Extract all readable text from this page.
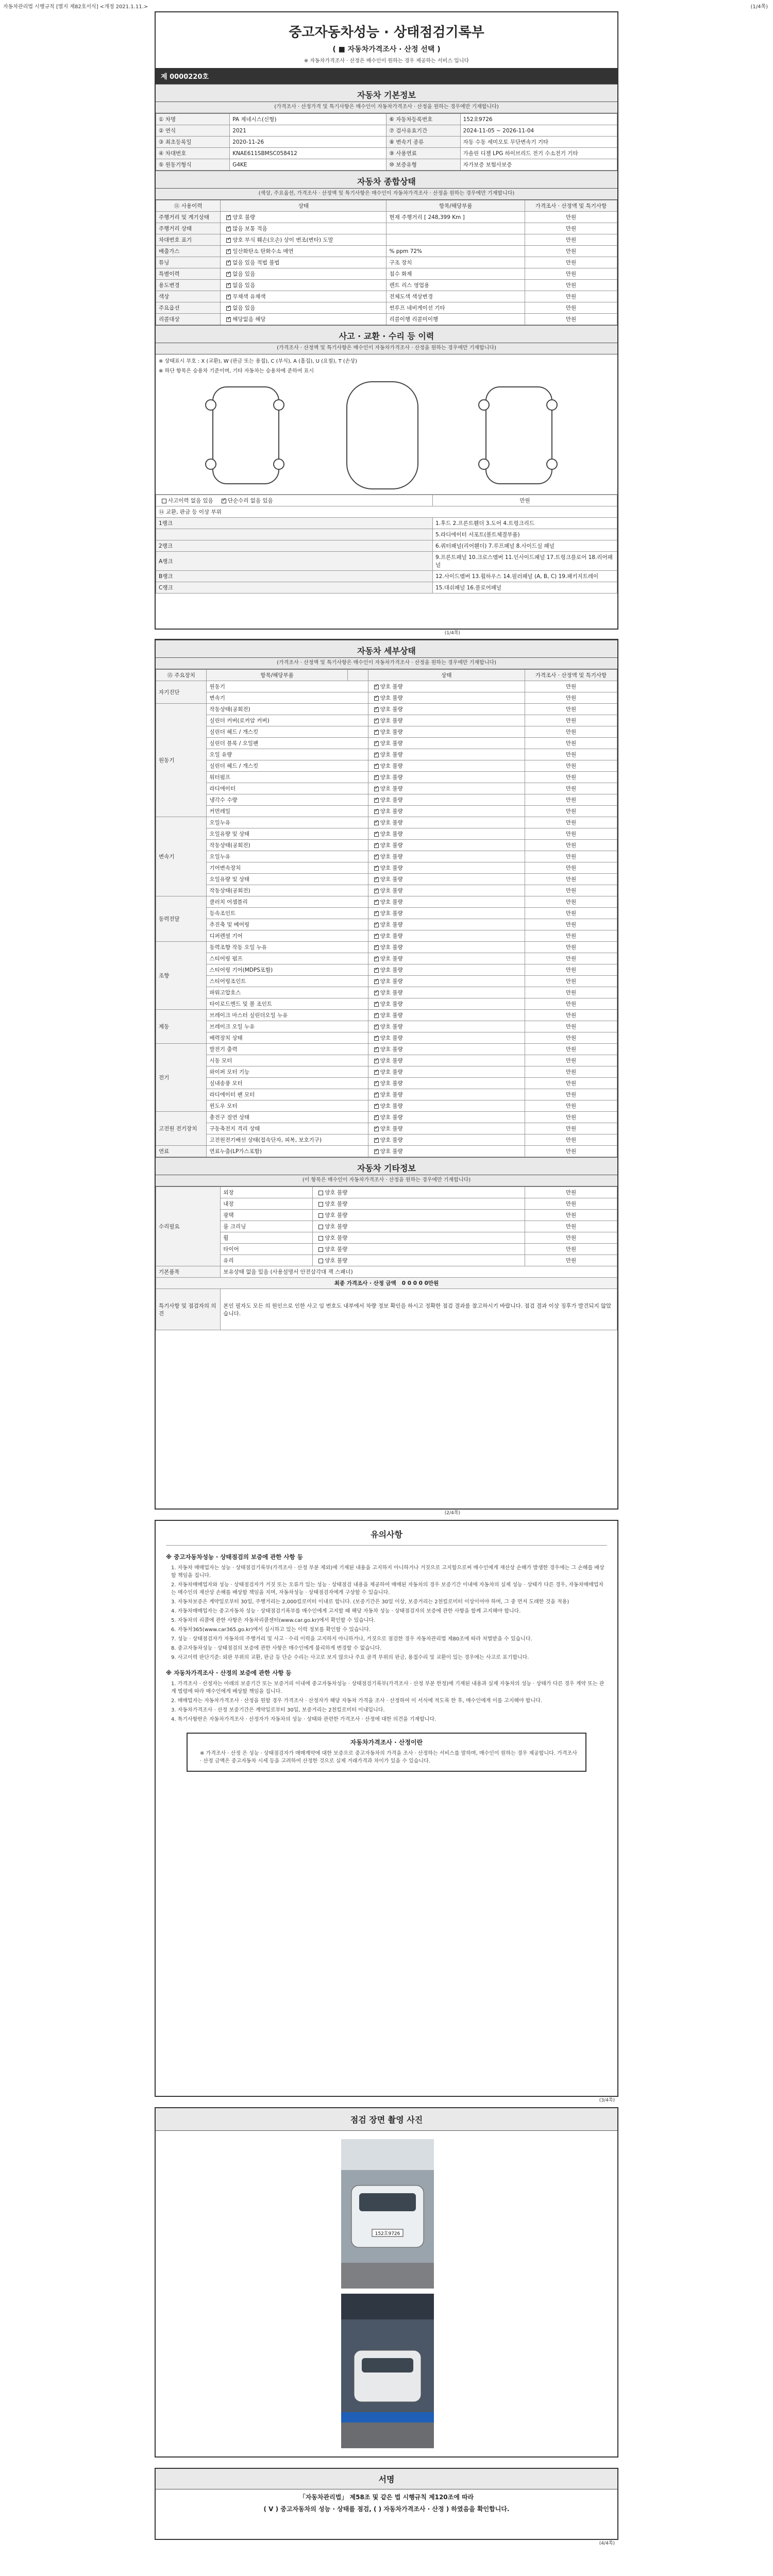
자동차관리법 시행규칙 [별지 제82호서식] <개정 2021.1.11.>	(1/4쪽)
중고자동차성능 · 상태점검기록부
( ■ 자동차가격조사 · 산정 선택 )
※ 자동차가격조사 · 산정은 매수인이 원하는 경우 제공하는 서비스 입니다
제 0000220호
자동차 기본정보
(가격조사 · 산정가격 및 특기사항은 매수인이 자동차가격조사 · 산정을 원하는 경우에만 기재합니다)
① 차명	PA 제네시스(신형)	⑥ 자동차등록번호	152호9726
② 연식	2021	⑦ 검사유효기간	2024-11-05 ~ 2026-11-04
③ 최초등록일	2020-11-26	⑧ 변속기 종류	자동 수동 세미오토 무단변속기 기타
④ 차대번호	KNAE611SBMSC058412	⑨ 사용연료	가솔린 디젤 LPG 하이브리드 전기 수소전기 기타
⑤ 원동기형식	G4KE	⑩ 보증유형	자가보증 보험사보증
자동차 종합상태
(색상, 주요옵션, 가격조사 · 산정액 및 특기사항은 매수인이 자동차가격조사 · 산정을 원하는 경우에만 기재합니다)
⑪ 사용이력	상태	항목/해당부품	가격조사 · 산정액 및 특기사항
주행거리 및 계기상태	✓양호 불량	현재 주행거리 [ 248,399 Km ]	만원
주행거리 상태	✓많음 보통 적음		만원
차대번호 표기	✓양호 부식 훼손(오손) 상이 변조(변타) 도말		만원
배출가스	✓일산화탄소 탄화수소 매연	% ppm 72%	만원
튜닝	✓없음 있음 적법 불법	구조 장치	만원
특별이력	✓없음 있음	침수 화재	만원
용도변경	✓없음 있음	렌트 리스 영업용	만원
색상	✓무채색 유채색	전체도색 색상변경	만원
주요옵션	✓없음 있음	썬루프 네비게이션 기타	만원
리콜대상	✓해당없음 해당	리콜이행 리콜미이행	만원
사고 · 교환 · 수리 등 이력
(가격조사 · 산정액 및 특기사항은 매수인이 자동차가격조사 · 산정을 원하는 경우에만 기재합니다)
※ 상태표시 부호 : X (교환), W (판금 또는 용접), C (부식), A (흠집), U (요철), T (손상)
※ 하단 항목은 승용차 기준이며, 기타 자동차는 승용차에 준하여 표시
사고이력 없음 있음 ✓ 단순수리 없음 있음	만원
⑭ 교환, 판금 등 이상 부위	
1랭크	1.후드 2.프론트휀더 3.도어 4.트렁크리드
	5.라디에이터 서포트(볼트체결부품)
2랭크	6.쿼터패널(리어휀더) 7.루프패널 8.사이드실 패널
A랭크	9.프론트패널 10.크로스멤버 11.인사이드패널 17.트렁크플로어 18.리어패널
B랭크	12.사이드멤버 13.휠하우스 14.필러패널 (A, B, C) 19.패키지트레이
C랭크	15.대쉬패널 16.플로어패널
(1/4쪽)
자동차 세부상태
(가격조사 · 산정액 및 특기사항은 매수인이 자동차가격조사 · 산정을 원하는 경우에만 기재합니다)
⑮ 주요장치	항목/해당부품		상태	가격조사 · 산정액 및 특기사항
자기진단	원동기	✓양호 불량	만원
	변속기	✓양호 불량	만원
원동기	작동상태(공회전)	✓양호 불량	만원
	실린더 커버(로커암 커버)	✓양호 불량	만원
	실린더 헤드 / 개스킷	✓양호 불량	만원
	실린더 블록 / 오일팬	✓양호 불량	만원
	오일 유량	✓양호 불량	만원
	실린더 헤드 / 개스킷	✓양호 불량	만원
	워터펌프	✓양호 불량	만원
	라디에이터	✓양호 불량	만원
	냉각수 수량	✓양호 불량	만원
	커먼레일	✓양호 불량	만원
변속기	오일누유	✓양호 불량	만원
	오일유량 및 상태	✓양호 불량	만원
	작동상태(공회전)	✓양호 불량	만원
	오일누유	✓양호 불량	만원
	기어변속장치	✓양호 불량	만원
	오일유량 및 상태	✓양호 불량	만원
	작동상태(공회전)	✓양호 불량	만원
동력전달	클러치 어셈블리	✓양호 불량	만원
	등속조인트	✓양호 불량	만원
	추진축 및 베어링	✓양호 불량	만원
	디퍼렌셜 기어	✓양호 불량	만원
조향	동력조향 작동 오일 누유	✓양호 불량	만원
	스티어링 펌프	✓양호 불량	만원
	스티어링 기어(MDPS포함)	✓양호 불량	만원
	스티어링조인트	✓양호 불량	만원
	파워고압호스	✓양호 불량	만원
	타이로드엔드 및 볼 조인트	✓양호 불량	만원
제동	브레이크 마스터 실린더오일 누유	✓양호 불량	만원
	브레이크 오일 누유	✓양호 불량	만원
	배력장치 상태	✓양호 불량	만원
전기	발전기 출력	✓양호 불량	만원
	시동 모터	✓양호 불량	만원
	와이퍼 모터 기능	✓양호 불량	만원
	실내송풍 모터	✓양호 불량	만원
	라디에이터 팬 모터	✓양호 불량	만원
	윈도우 모터	✓양호 불량	만원
고전원 전기장치	충전구 절연 상태	✓양호 불량	만원
	구동축전지 격리 상태	✓양호 불량	만원
	고전원전기배선 상태(접속단자, 피복, 보호기구)	✓양호 불량	만원
연료	연료누출(LP가스포함)	✓양호 불량	만원
자동차 기타정보
(이 항목은 매수인이 자동차가격조사 · 산정을 원하는 경우에만 기재합니다)
수리필요	외장	양호 불량	만원
	내장	양호 불량	만원
	광택	양호 불량	만원
	룸 크리닝	양호 불량	만원
	휠	양호 불량	만원
	타이어	양호 불량	만원
	유리	양호 불량	만원
기본품목	보유상태 없음 있음 (사용설명서 안전삼각대 잭 스패너)		
최종 가격조사 · 산정 금액 0 0 0 0 0만원			
특기사항 및 점검자의 의견	본인 필자도 모든 의 원인으로 인한 사고 임 번호도 내부에서 차량 정보 확인을 하시고 정확한 점검 결과를 참고하시기 바랍니다. 점검 결과 이상 징후가 발견되지 않았습니다.		
(2/4쪽)
유의사항
※ 중고자동차성능 · 상태점검의 보증에 관한 사항 등

1. 자동차 매매업자는 성능 · 상태점검기록부(가격조사 · 산정 부분 제외)에 기재된 내용을 고지하지 아니하거나 거짓으로 고지함으로써 매수인에게 재산상 손해가 발생한 경우에는 그 손해를 배상할 책임을 집니다.

2. 자동차매매업자와 성능 · 상태점검자가 거짓 또는 오류가 있는 성능 · 상태점검 내용을 제공하여 매매된 자동차의 경우 보증기간 이내에 자동차의 실제 성능 · 상태가 다른 경우, 자동차매매업자는 매수인의 재산상 손해를 배상할 책임을 지며, 자동차성능 · 상태점검자에게 구상할 수 있습니다.

3. 자동차보증은 계약일로부터 30일, 주행거리는 2,000킬로미터 이내로 합니다. (보증기간은 30일 이상, 보증거리는 2천킬로미터 이상이어야 하며, 그 중 먼저 도래한 것을 적용)

4. 자동차매매업자는 중고자동차 성능 · 상태점검기록부를 매수인에게 고지할 때 해당 자동차 성능 · 상태점검자의 보증에 관한 사항을 함께 고지해야 합니다.

5. 자동차의 리콜에 관한 사항은 자동차리콜센터(www.car.go.kr)에서 확인할 수 있습니다.

6. 자동차365(www.car365.go.kr)에서 실시하고 있는 이력 정보를 확인할 수 있습니다.

7. 성능 · 상태점검자가 자동차의 주행거리 및 사고 · 수리 이력을 고지하지 아니하거나, 거짓으로 점검한 경우 자동차관리법 제80조에 따라 처벌받을 수 있습니다.

8. 중고자동차성능 · 상태점검의 보증에 관한 사항은 매수인에게 불리하게 변경할 수 없습니다.

9. 사고이력 판단기준: 외판 부위의 교환, 판금 등 단순 수리는 사고로 보지 않으나 주요 골격 부위의 판금, 용접수리 및 교환이 있는 경우에는 사고로 표기합니다.

※ 자동차가격조사 · 산정의 보증에 관한 사항 등

1. 가격조사 · 산정자는 아래의 보증기간 또는 보증거리 이내에 중고자동차성능 · 상태점검기록부(가격조사 · 산정 부분 한정)에 기재된 내용과 실제 자동차의 성능 · 상태가 다른 경우 계약 또는 관계 법령에 따라 매수인에게 배상할 책임을 집니다.

2. 매매업자는 자동차가격조사 · 산정을 원할 경우 가격조사 · 산정자가 해당 자동차 가격을 조사 · 산정하여 이 서식에 적도록 한 후, 매수인에게 이를 고지해야 합니다.

3. 자동차가격조사 · 산정 보증기간은 계약일로부터 30일, 보증거리는 2천킬로미터 이내입니다.

4. 특기사항란은 자동차가격조사 · 산정자가 자동차의 성능 · 상태와 관련한 가격조사 · 산정에 대한 의견을 기재합니다.

자동차가격조사 · 산정이란

※ 가격조사 · 산정 은 성능 · 상태점검자가 매매계약에 대한 보증으로 중고자동차의 가격을 조사 · 산정하는 서비스를 말하며, 매수인이 원하는 경우 제공합니다. 가격조사 · 산정 금액은 중고자동차 시세 등을 고려하여 산정한 것으로 실제 거래가격과 차이가 있을 수 있습니다.

(3/4쪽)
점검 장면 촬영 사진
152호9726
서명

「자동차관리법」 제58조 및 같은 법 시행규칙 제120조에 따라

( V ) 중고자동차의 성능 · 상태를 점검, ( ) 자동차가격조사 · 산정 ) 하였음을 확인합니다.

(4/4쪽)
